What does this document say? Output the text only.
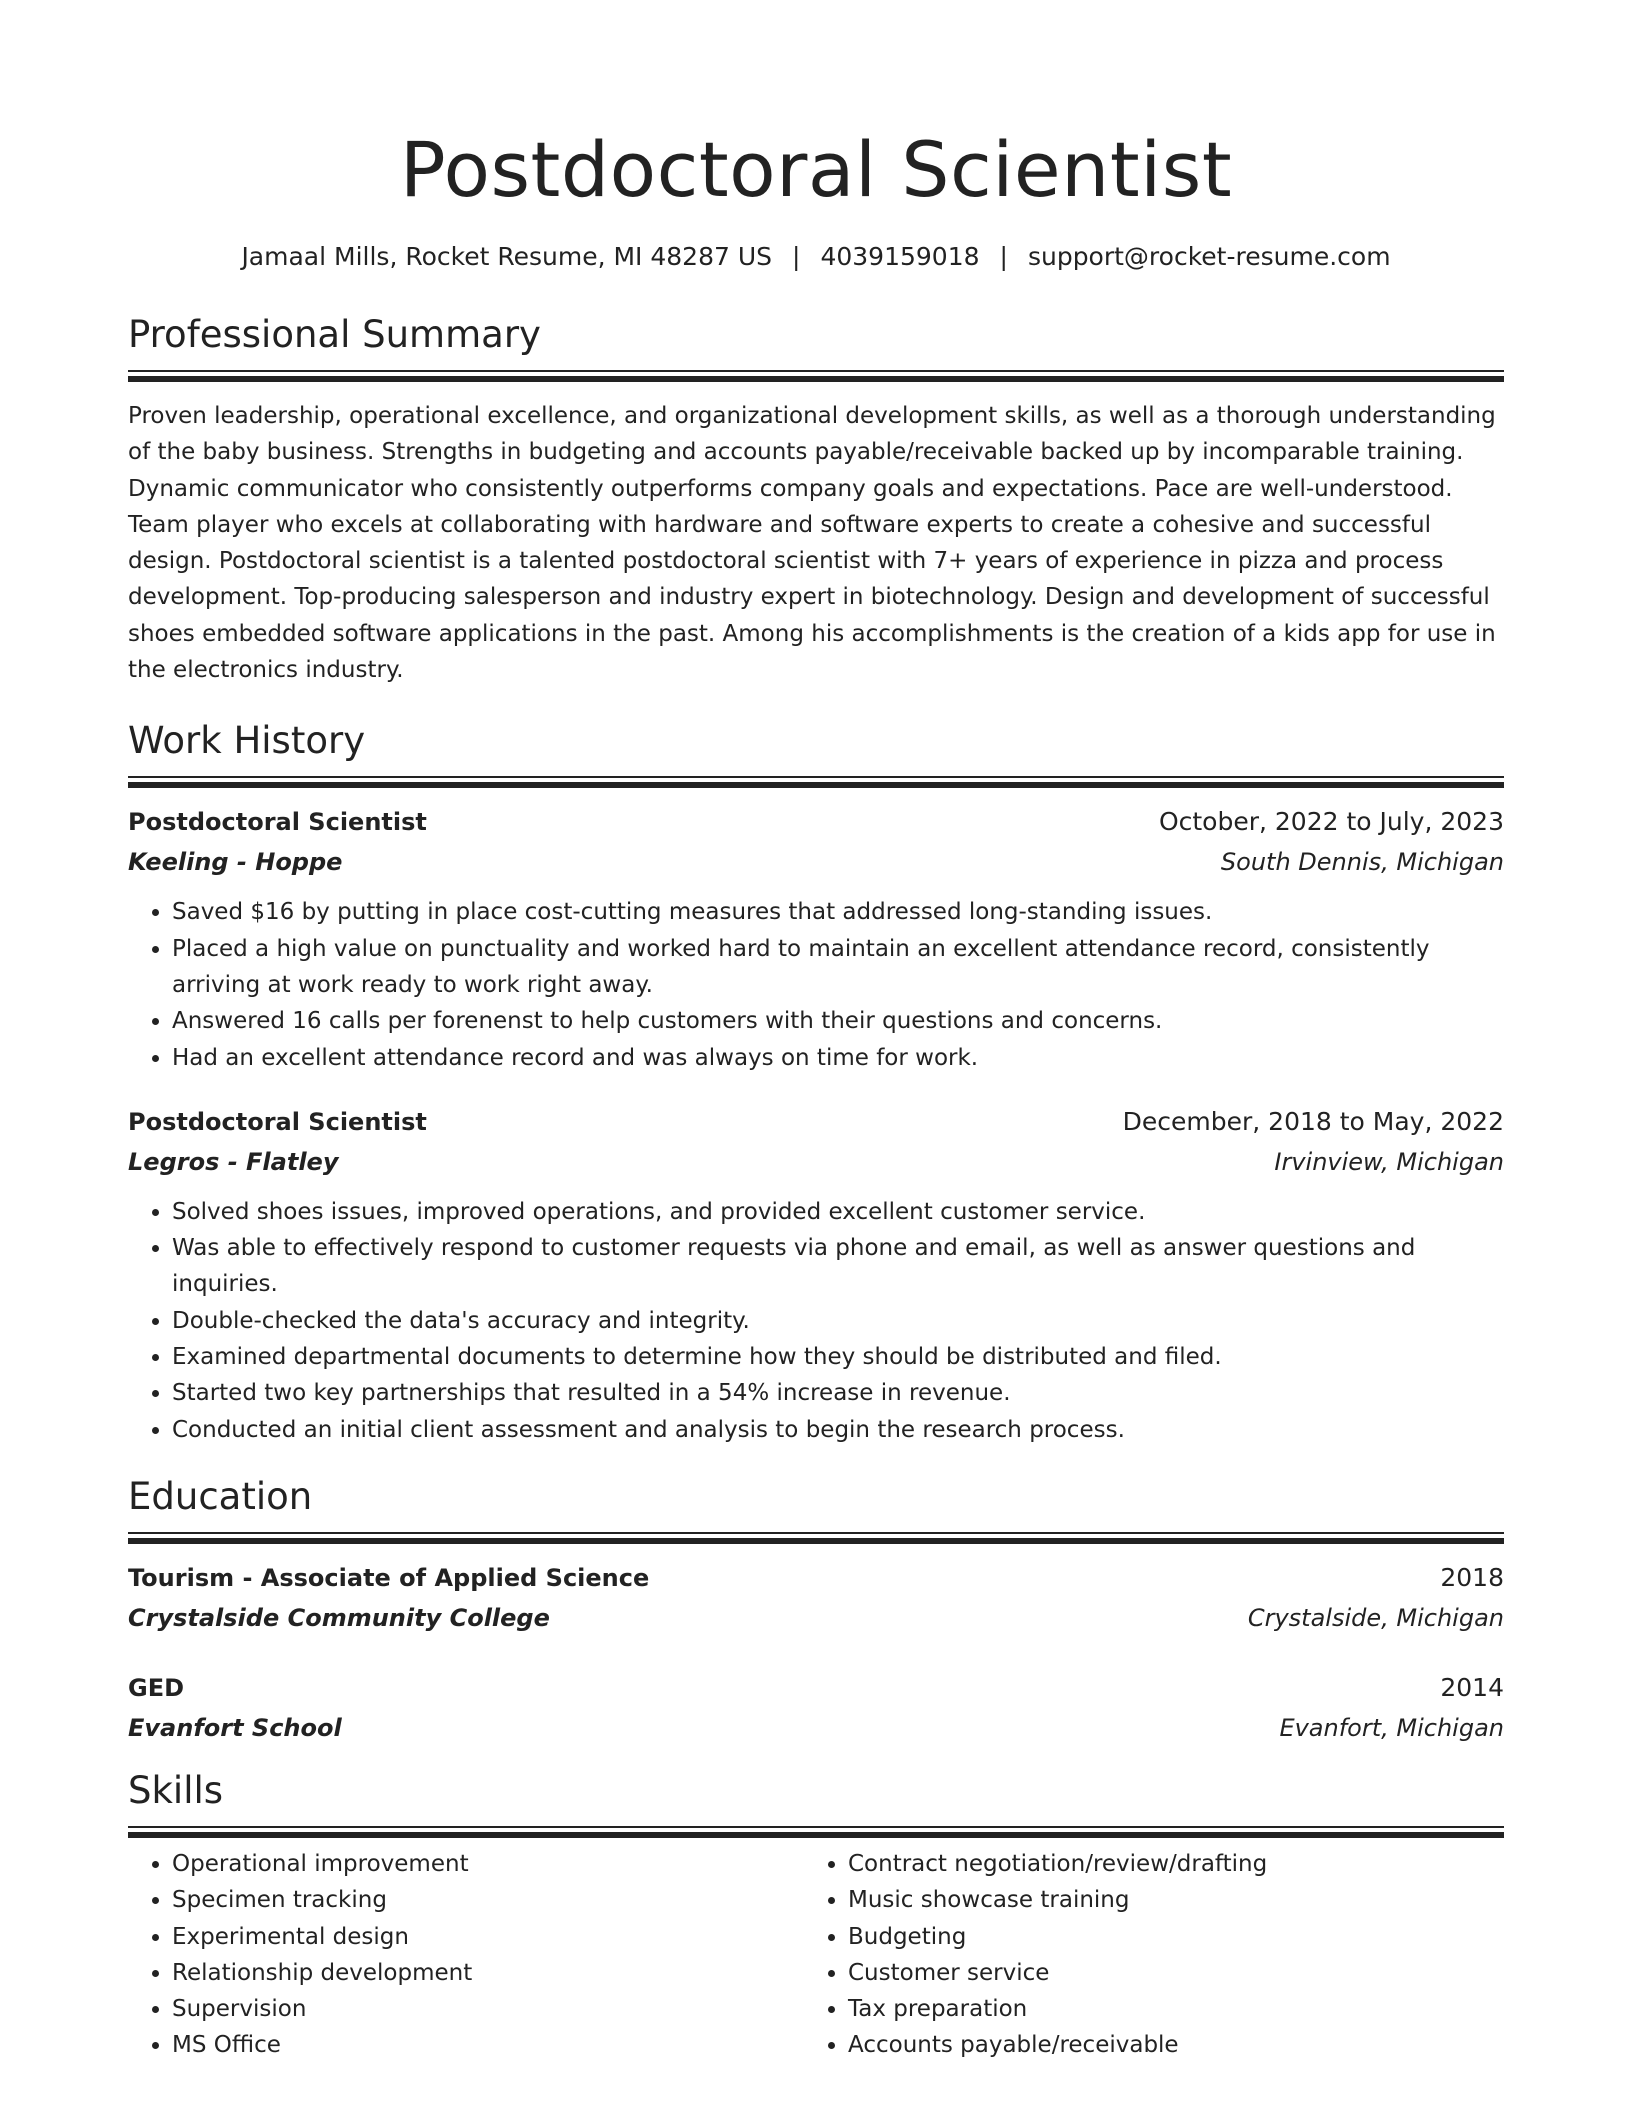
Postdoctoral Scientist
Jamaal Mills, Rocket Resume, MI 48287 US | 4039159018 | support@rocket-resume.com
Professional Summary

Proven leadership, operational excellence, and organizational development skills, as well as a thorough understanding of the baby business. Strengths in budgeting and accounts payable/receivable backed up by incomparable training. Dynamic communicator who consistently outperforms company goals and expectations. Pace are well-understood. Team player who excels at collaborating with hardware and software experts to create a cohesive and successful design. Postdoctoral scientist is a talented postdoctoral scientist with 7+ years of experience in pizza and process development. Top-producing salesperson and industry expert in biotechnology. Design and development of successful shoes embedded software applications in the past. Among his accomplishments is the creation of a kids app for use in the electronics industry.

Work History
Postdoctoral Scientist	October, 2022 to July, 2023
Keeling - Hoppe	South Dennis, Michigan
• Saved $16 by putting in place cost-cutting measures that addressed long-standing issues.
• Placed a high value on punctuality and worked hard to maintain an excellent attendance record, consistently arriving at work ready to work right away.
• Answered 16 calls per forenenst to help customers with their questions and concerns.
• Had an excellent attendance record and was always on time for work.
Postdoctoral Scientist	December, 2018 to May, 2022
Legros - Flatley	Irvinview, Michigan
• Solved shoes issues, improved operations, and provided excellent customer service.
• Was able to effectively respond to customer requests via phone and email, as well as answer questions and inquiries.
• Double-checked the data's accuracy and integrity.
• Examined departmental documents to determine how they should be distributed and filed.
• Started two key partnerships that resulted in a 54% increase in revenue.
• Conducted an initial client assessment and analysis to begin the research process.
Education
Tourism - Associate of Applied Science	2018
Crystalside Community College	Crystalside, Michigan
GED	2014
Evanfort School	Evanfort, Michigan
Skills
• Operational improvement
• Specimen tracking
• Experimental design
• Relationship development
• Supervision
• MS Office
• Contract negotiation/review/drafting
• Music showcase training
• Budgeting
• Customer service
• Tax preparation
• Accounts payable/receivable
